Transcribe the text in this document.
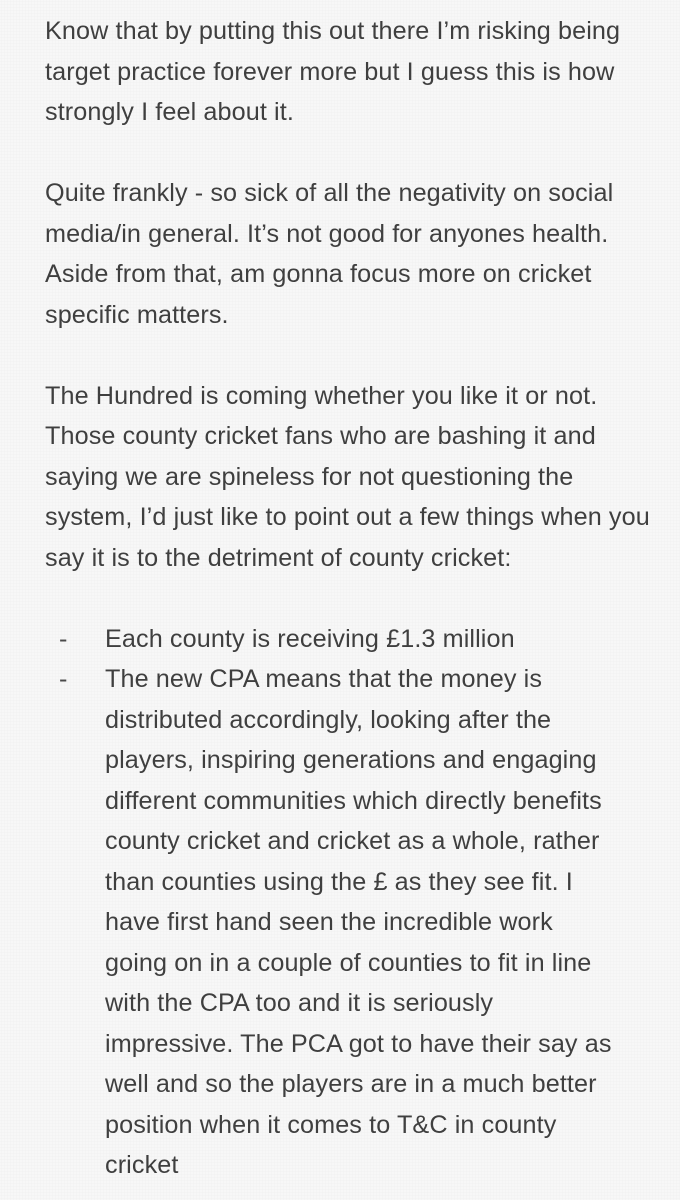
Know that by putting this out there I’m risking being target practice forever more but I guess this is how strongly I feel about it.

Quite frankly - so sick of all the negativity on social media/in general. It’s not good for anyones health. Aside from that, am gonna focus more on cricket specific matters.

The Hundred is coming whether you like it or not. Those county cricket fans who are bashing it and saying we are spineless for not questioning the system, I’d just like to point out a few things when you say it is to the detriment of county cricket:

-	Each county is receiving £1.3 million
-	The new CPA means that the money is distributed accordingly, looking after the players, inspiring generations and engaging different communities which directly benefits county cricket and cricket as a whole, rather than counties using the £ as they see fit. I have first hand seen the incredible work going on in a couple of counties to fit in line with the CPA too and it is seriously impressive. The PCA got to have their say as well and so the players are in a much better position when it comes to T&C in county cricket
